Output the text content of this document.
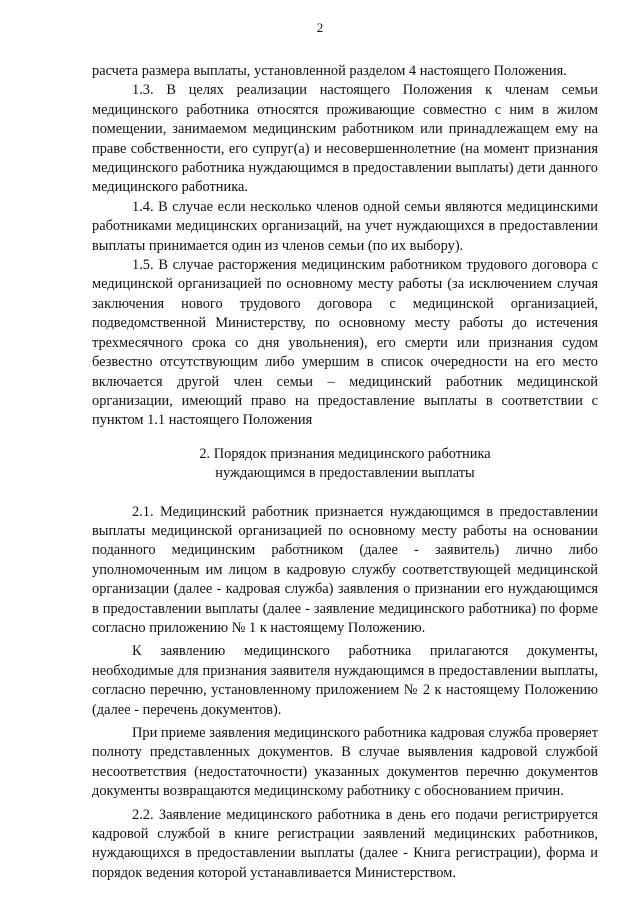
2

расчета размера выплаты, установленной разделом 4 настоящего Положения.

1.3. В целях реализации настоящего Положения к членам семьи медицинского работника относятся проживающие совместно с ним в жилом помещении, занимаемом медицинским работником или принадлежащем ему на праве собственности, его супруг(а) и несовершеннолетние (на момент признания медицинского работника нуждающимся в предоставлении выплаты) дети данного медицинского работника.

1.4. В случае если несколько членов одной семьи являются медицинскими работниками медицинских организаций, на учет нуждающихся в предоставлении выплаты принимается один из членов семьи (по их выбору).

1.5. В случае расторжения медицинским работником трудового договора с медицинской организацией по основному месту работы (за исключением случая заключения нового трудового договора с медицинской организацией, подведомственной Министерству, по основному месту работы до истечения трехмесячного срока со дня увольнения), его смерти или признания судом безвестно отсутствующим либо умершим в список очередности на его место включается другой член семьи – медицинский работник медицинской организации, имеющий право на предоставление выплаты в соответствии с пунктом 1.1 настоящего Положения

2. Порядок признания медицинского работника
нуждающимся в предоставлении выплаты

2.1. Медицинский работник признается нуждающимся в предоставлении выплаты медицинской организацией по основному месту работы на основании поданного медицинским работником (далее - заявитель) лично либо уполномоченным им лицом в кадровую службу соответствующей медицинской организации (далее - кадровая служба) заявления о признании его нуждающимся в предоставлении выплаты (далее - заявление медицинского работника) по форме согласно приложению № 1 к настоящему Положению.

К заявлению медицинского работника прилагаются документы, необходимые для признания заявителя нуждающимся в предоставлении выплаты, согласно перечню, установленному приложением № 2 к настоящему Положению (далее - перечень документов).

При приеме заявления медицинского работника кадровая служба проверяет полноту представленных документов. В случае выявления кадровой службой несоответствия (недостаточности) указанных документов перечню документов документы возвращаются медицинскому работнику с обоснованием причин.

2.2. Заявление медицинского работника в день его подачи регистрируется кадровой службой в книге регистрации заявлений медицинских работников, нуждающихся в предоставлении выплаты (далее - Книга регистрации), форма и порядок ведения которой устанавливается Министерством.
